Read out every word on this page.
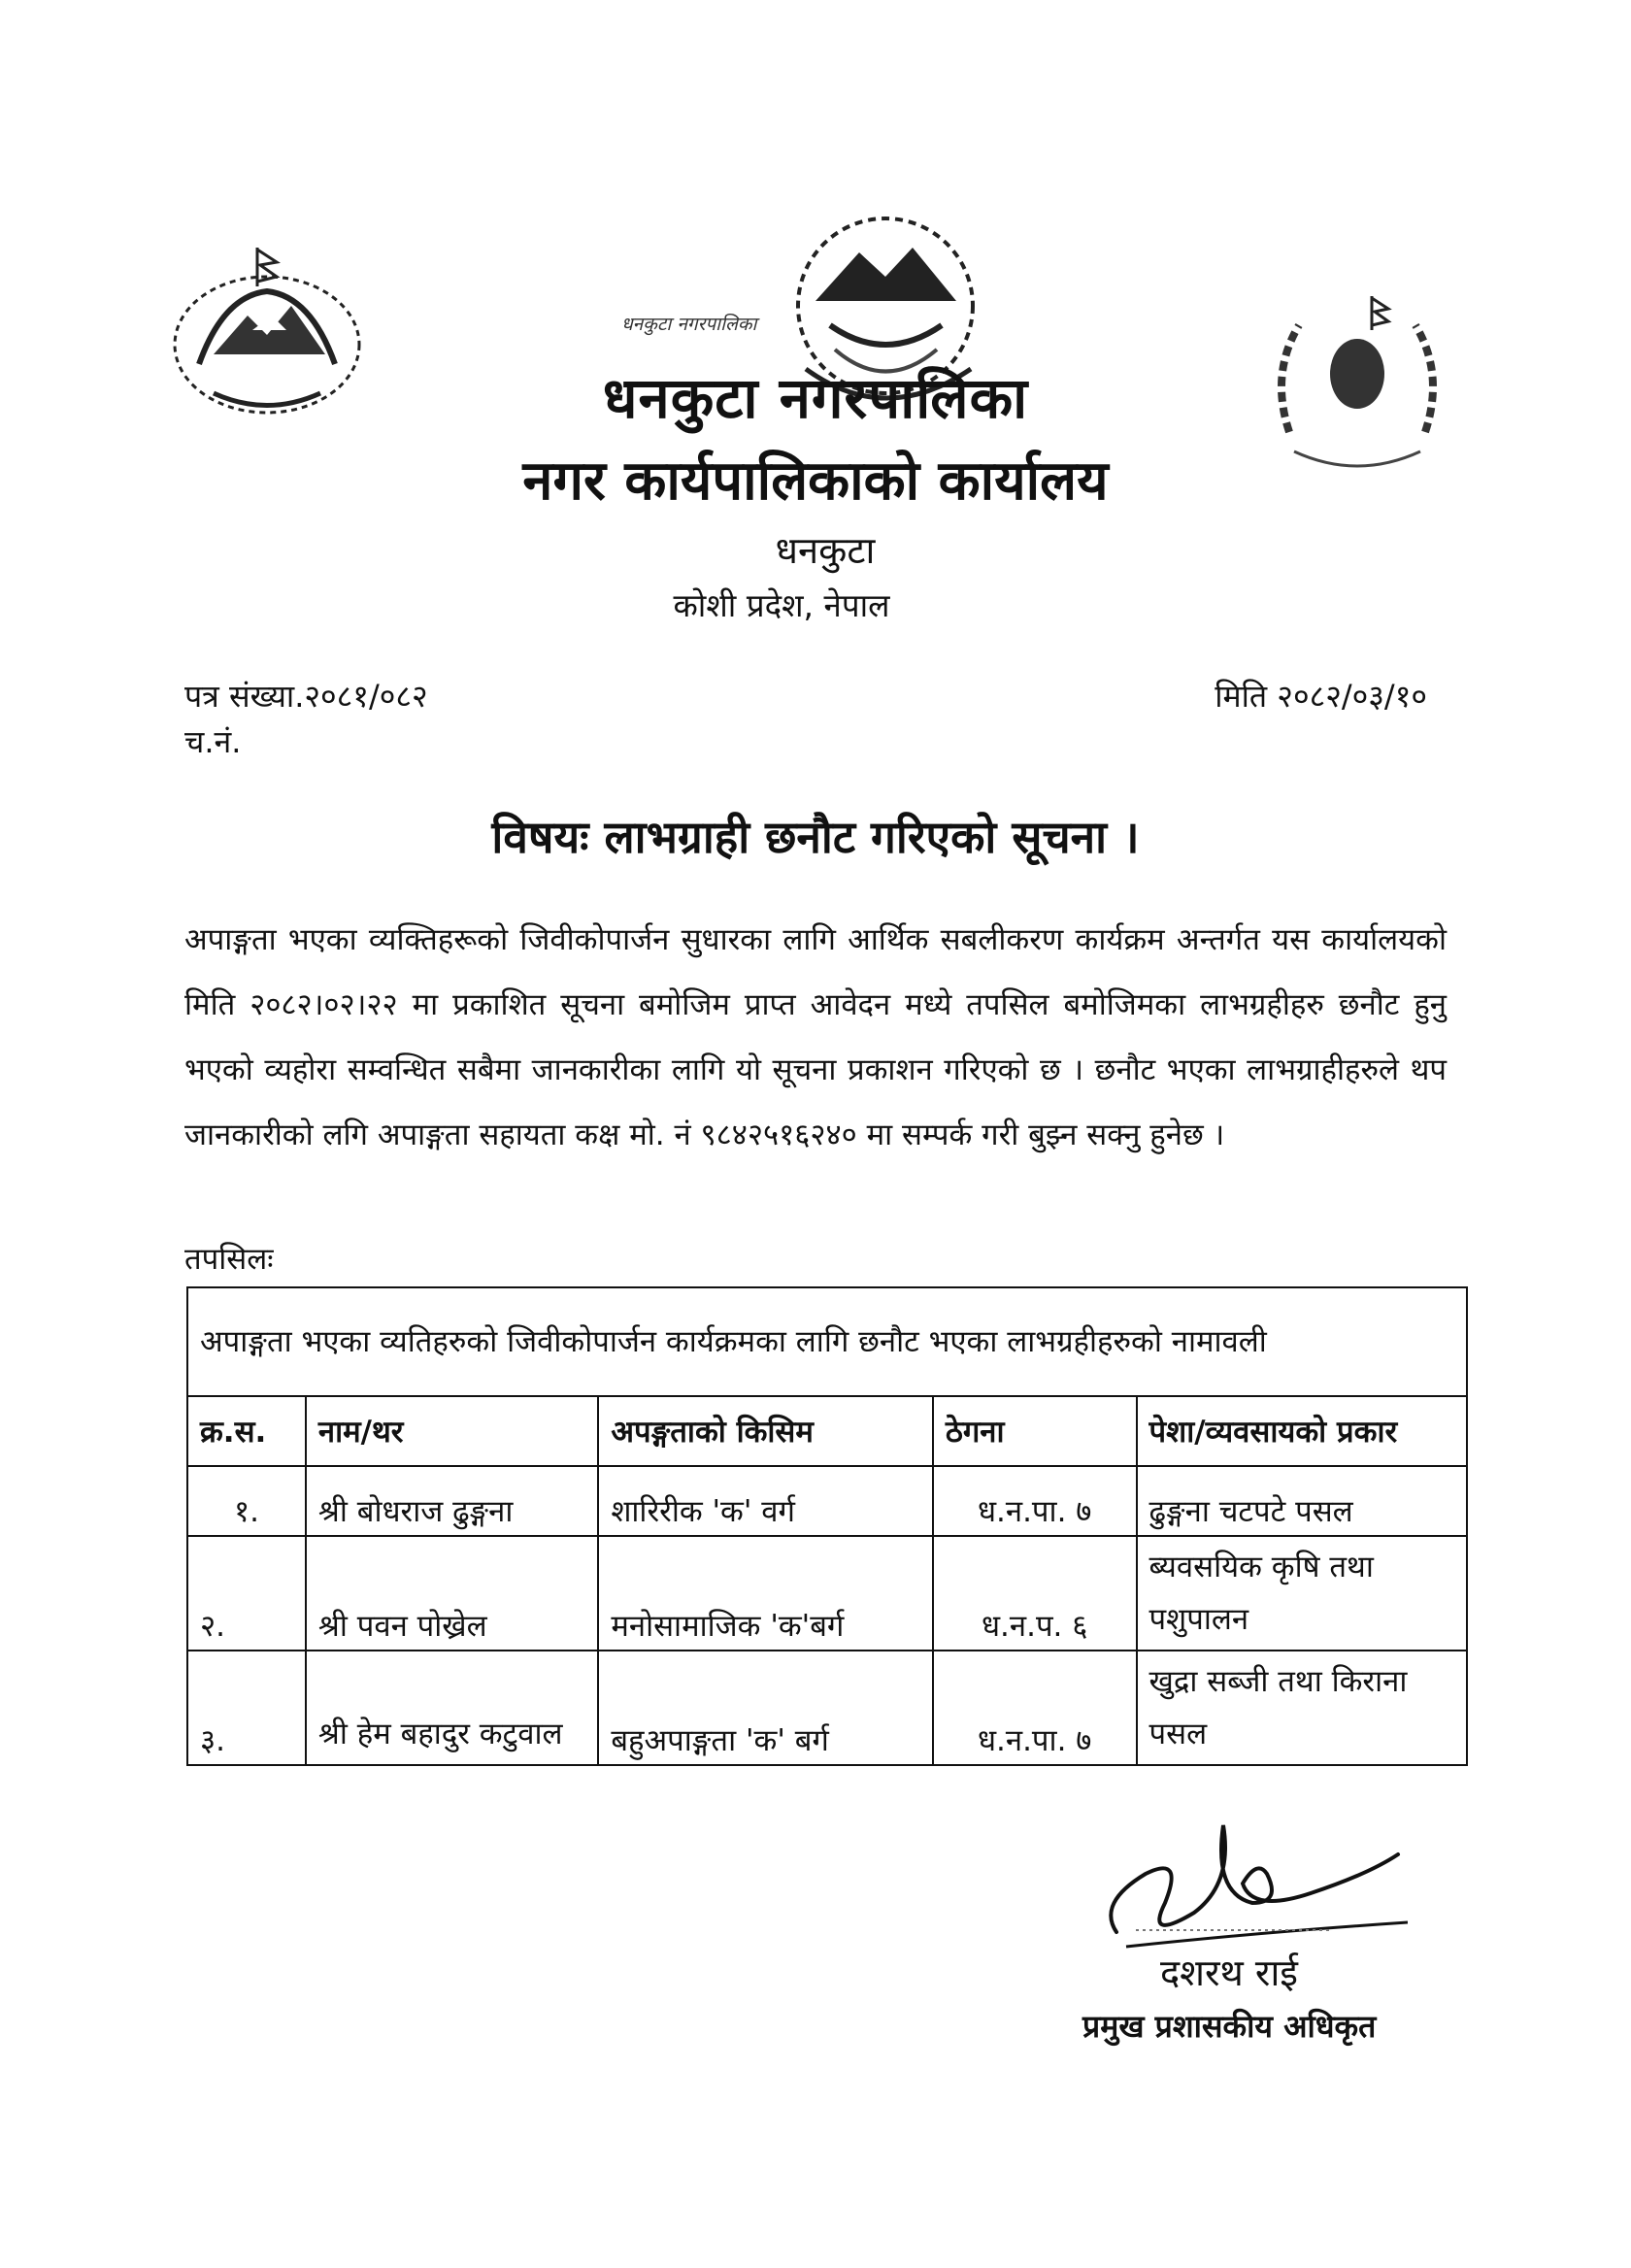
धनकुटा नगरपालिका
धनकुटा नगरपालिका
नगर कार्यपालिकाको कार्यालय
धनकुटा
कोशी प्रदेश, नेपाल
पत्र संख्या.२०८१/०८२
च.नं.
मिति २०८२/०३/१०
विषयः लाभग्राही छनौट गरिएको सूचना ।
अपाङ्गता भएका व्यक्तिहरूको जिवीकोपार्जन सुधारका लागि आर्थिक सबलीकरण कार्यक्रम अन्तर्गत यस कार्यालयको मिति २०८२।०२।२२ मा प्रकाशित सूचना बमोजिम प्राप्त आवेदन मध्ये तपसिल बमोजिमका लाभग्रहीहरु छनौट हुनु भएको व्यहोरा सम्वन्धित सबैमा जानकारीका लागि यो सूचना प्रकाशन गरिएको छ । छनौट भएका लाभग्राहीहरुले थप जानकारीको लगि अपाङ्गता सहायता कक्ष मो. नं ९८४२५१६२४० मा सम्पर्क गरी बुझ्न सक्नु हुनेछ ।
तपसिलः
अपाङ्गता भएका व्यतिहरुको जिवीकोपार्जन कार्यक्रमका लागि छनौट भएका लाभग्रहीहरुको नामावली				
क्र.स.	नाम/थर	अपङ्गताको किसिम	ठेगना	पेशा/व्यवसायको प्रकार
१.	श्री बोधराज ढुङ्गना	शारिरीक 'क' वर्ग	ध.न.पा. ७	ढुङ्गना चटपटे पसल
२.	श्री पवन पोख्रेल	मनोसामाजिक 'क'बर्ग	ध.न.प. ६	ब्यवसयिक कृषि तथा पशुपालन
३.	श्री हेम बहादुर कटुवाल	बहुअपाङ्गता 'क' बर्ग	ध.न.पा. ७	खुद्रा सब्जी तथा किराना पसल
दशरथ राई
प्रमुख प्रशासकीय अधिकृत
